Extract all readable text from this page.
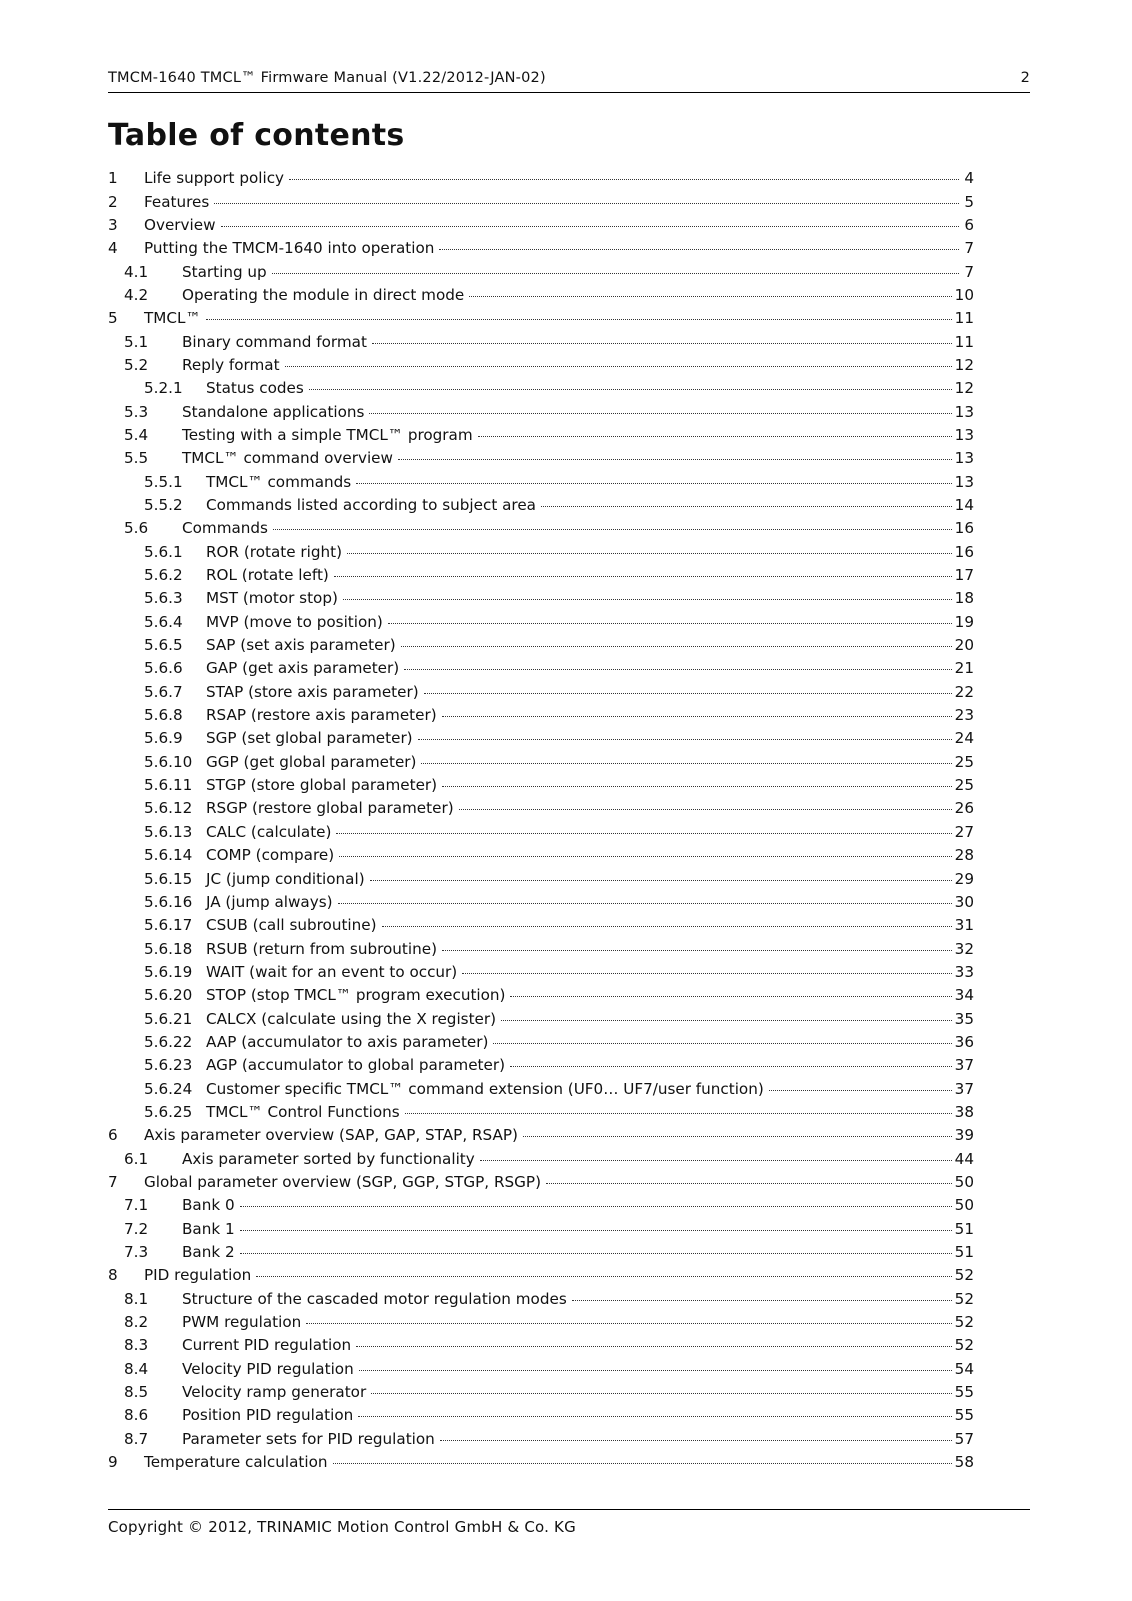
TMCM-1640 TMCL™ Firmware Manual (V1.22/2012-JAN-02)	2
Table of contents
1	Life support policy	4
2	Features	5
3	Overview	6
4	Putting the TMCM-1640 into operation	7
4.1	Starting up	7
4.2	Operating the module in direct mode	10
5	TMCL™	11
5.1	Binary command format	11
5.2	Reply format	12
5.2.1	Status codes	12
5.3	Standalone applications	13
5.4	Testing with a simple TMCL™ program	13
5.5	TMCL™ command overview	13
5.5.1	TMCL™ commands	13
5.5.2	Commands listed according to subject area	14
5.6	Commands	16
5.6.1	ROR (rotate right)	16
5.6.2	ROL (rotate left)	17
5.6.3	MST (motor stop)	18
5.6.4	MVP (move to position)	19
5.6.5	SAP (set axis parameter)	20
5.6.6	GAP (get axis parameter)	21
5.6.7	STAP (store axis parameter)	22
5.6.8	RSAP (restore axis parameter)	23
5.6.9	SGP (set global parameter)	24
5.6.10 GGP (get global parameter)	25
5.6.11 STGP (store global parameter)	25
5.6.12 RSGP (restore global parameter)	26
5.6.13 CALC (calculate)	27
5.6.14 COMP (compare)	28
5.6.15 JC (jump conditional)	29
5.6.16 JA (jump always)	30
5.6.17 CSUB (call subroutine)	31
5.6.18 RSUB (return from subroutine)	32
5.6.19 WAIT (wait for an event to occur)	33
5.6.20 STOP (stop TMCL™ program execution)	34
5.6.21 CALCX (calculate using the X register)	35
5.6.22 AAP (accumulator to axis parameter)	36
5.6.23 AGP (accumulator to global parameter)	37
5.6.24 Customer specific TMCL™ command extension (UF0… UF7/user function)	37
5.6.25 TMCL™ Control Functions	38
6	Axis parameter overview (SAP, GAP, STAP, RSAP)	39
6.1	Axis parameter sorted by functionality	44
7	Global parameter overview (SGP, GGP, STGP, RSGP)	50
7.1	Bank 0	50
7.2	Bank 1	51
7.3	Bank 2	51
8	PID regulation	52
8.1	Structure of the cascaded motor regulation modes	52
8.2	PWM regulation	52
8.3	Current PID regulation	52
8.4	Velocity PID regulation	54
8.5	Velocity ramp generator	55
8.6	Position PID regulation	55
8.7	Parameter sets for PID regulation	57
9	Temperature calculation	58
Copyright © 2012, TRINAMIC Motion Control GmbH & Co. KG
